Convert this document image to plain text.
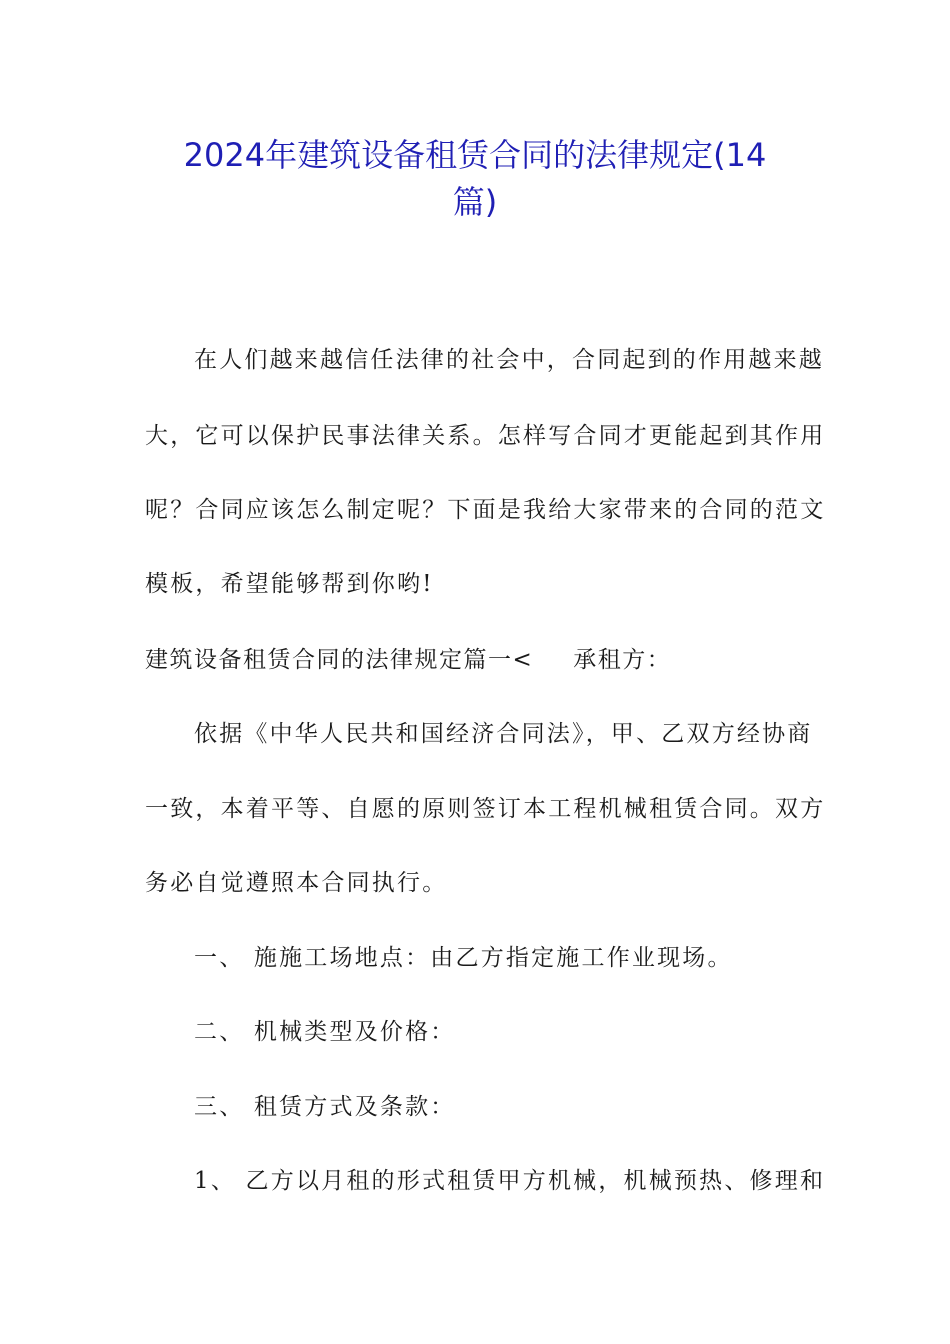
2024年建筑设备租赁合同的法律规定(14
篇)
在人们越来越信任法律的社会中，合同起到的作用越来越
大，它可以保护民事法律关系。怎样写合同才更能起到其作用
呢？合同应该怎么制定呢？下面是我给大家带来的合同的范文
模板，希望能够帮到你哟!
建筑设备租赁合同的法律规定篇一< 承租方：
依据《中华人民共和国经济合同法》，甲、乙双方经协商
一致，本着平等、自愿的原则签订本工程机械租赁合同。双方
务必自觉遵照本合同执行。
一、 施施工场地点：由乙方指定施工作业现场。
二、 机械类型及价格：
三、 租赁方式及条款：
1、 乙方以月租的形式租赁甲方机械，机械预热、修理和
